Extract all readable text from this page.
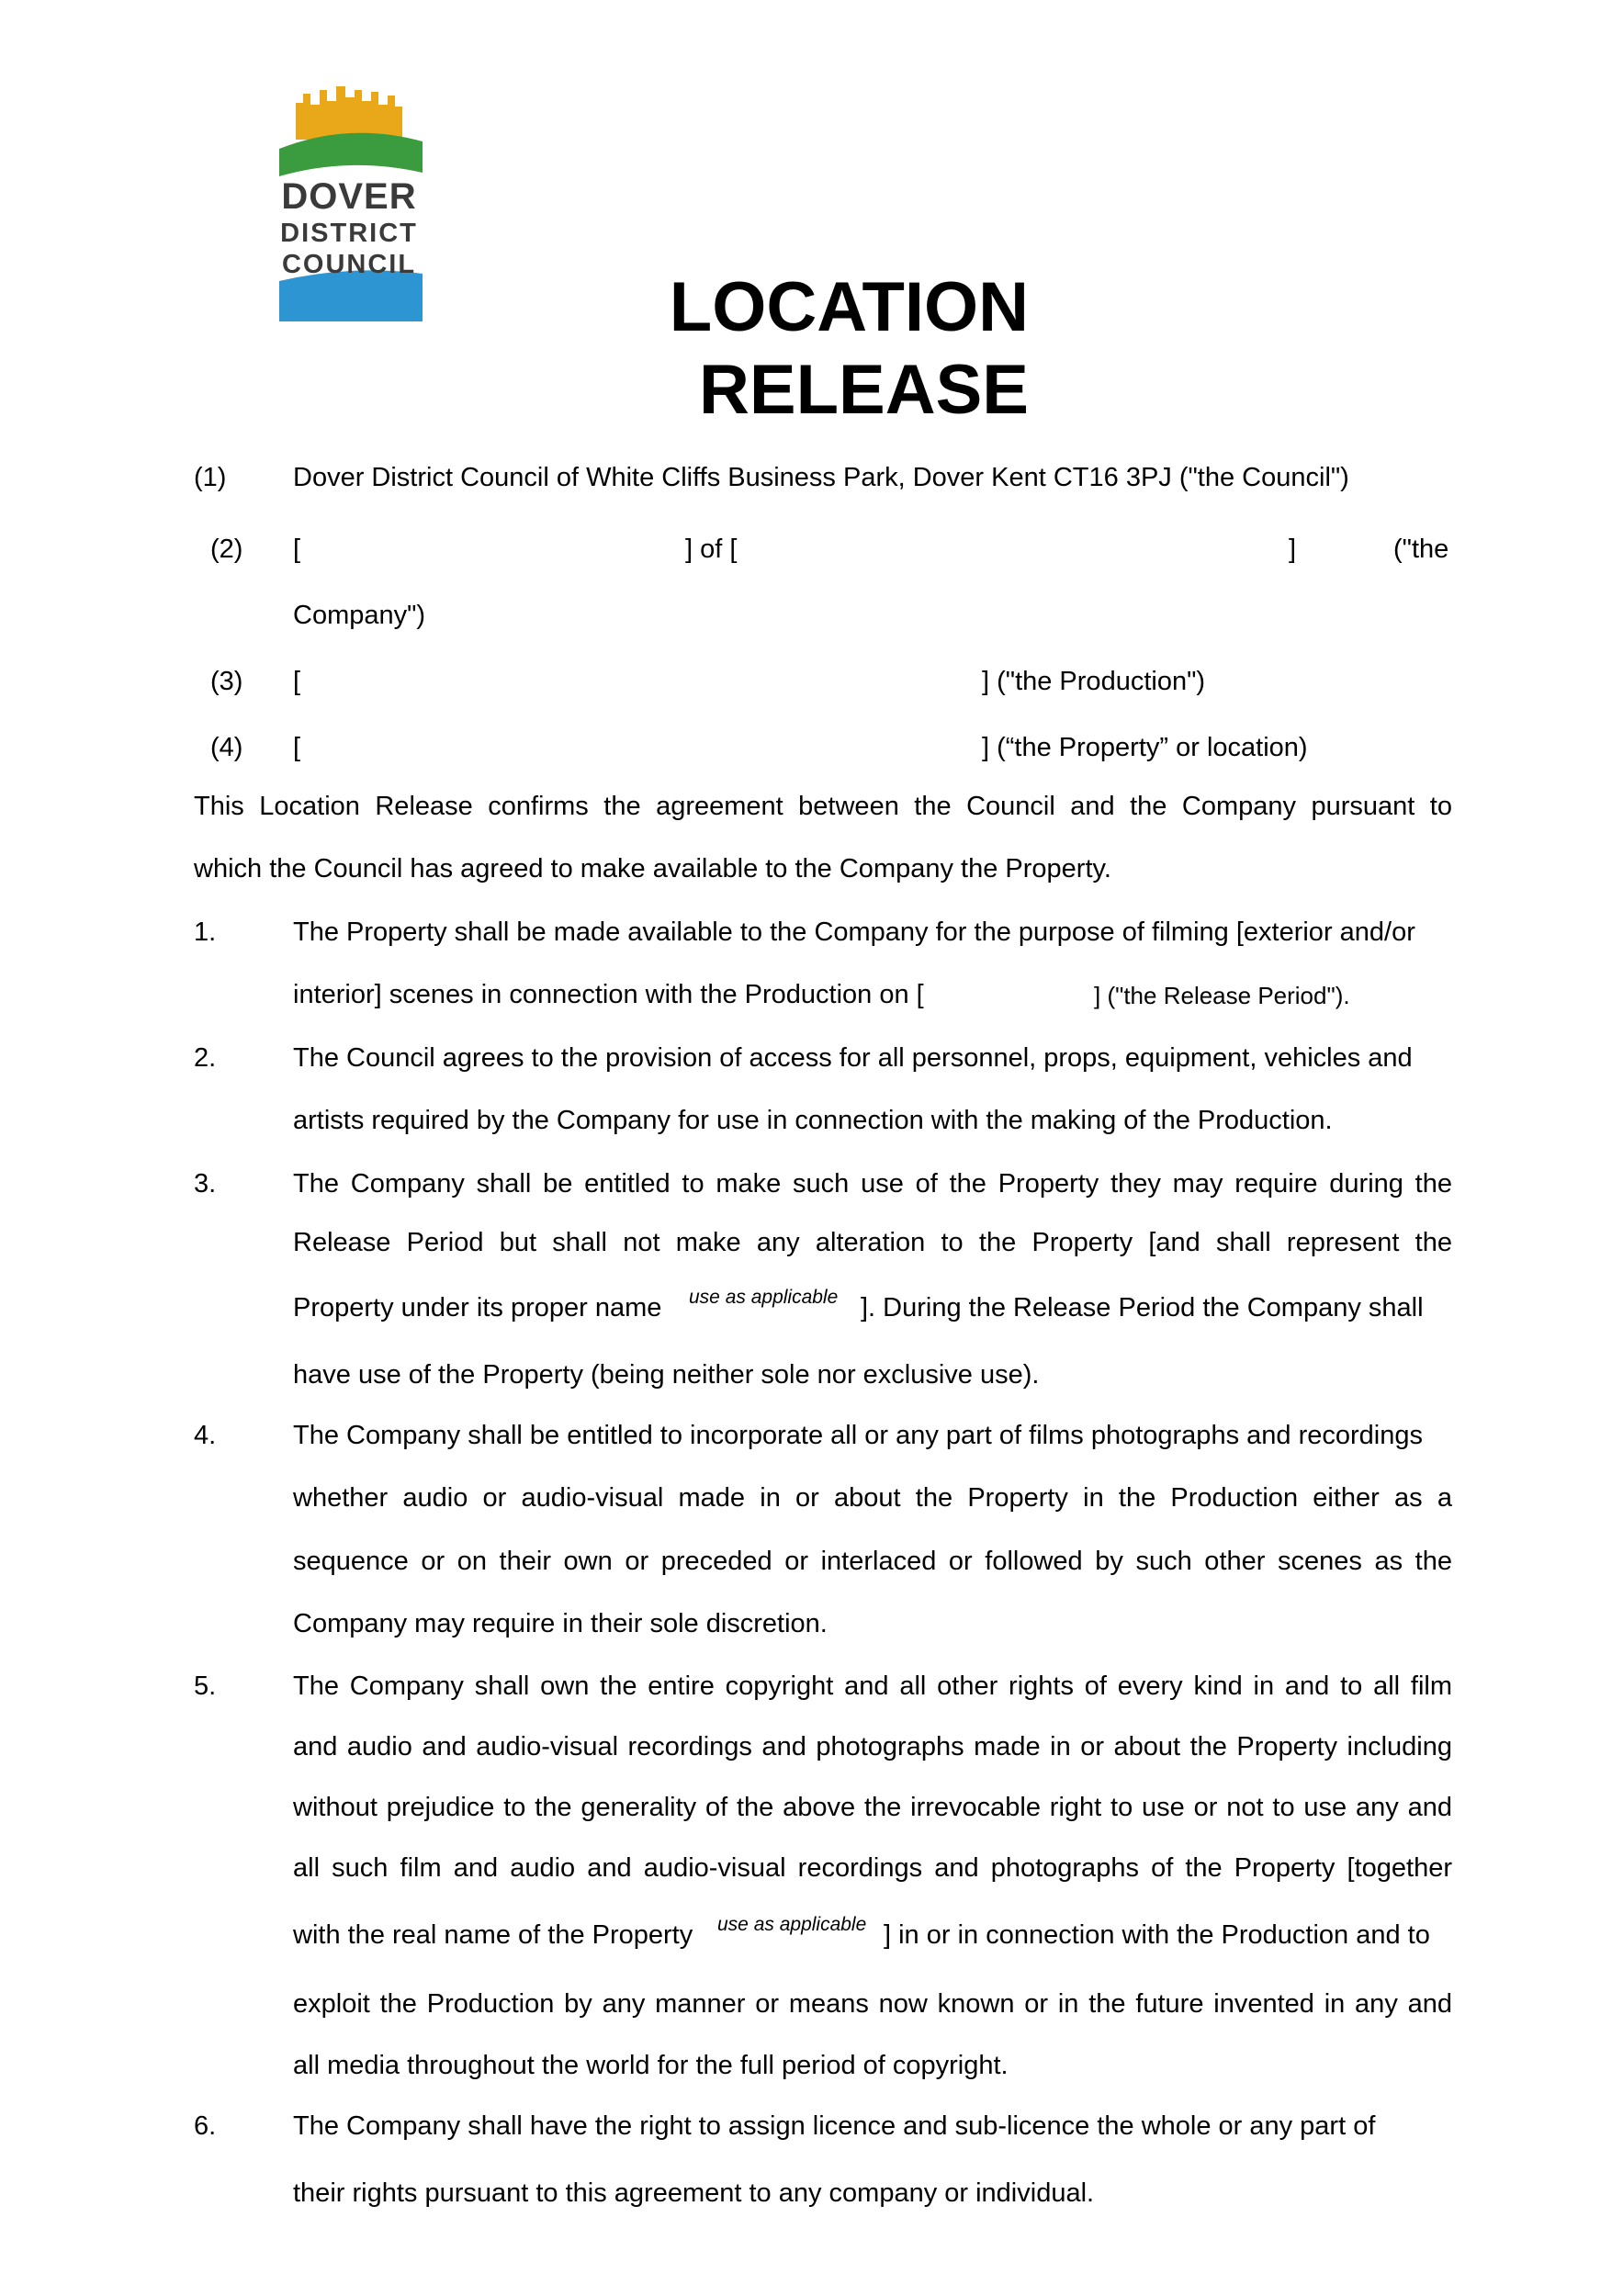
DOVER
DISTRICT
COUNCIL
LOCATION
RELEASE
(1)	Dover District Council of White Cliffs Business Park, Dover Kent CT16 3PJ ("the Council")
(2) [	] of [	]	("the
Company")
(3) [	] ("the Production")
(4) [	] (“the Property” or location)
This Location Release confirms the agreement between the Council and the Company pursuant to
which the Council has agreed to make available to the Company the Property.
1.	The Property shall be made available to the Company for the purpose of filming [exterior and/or
interior] scenes in connection with the Production on [	] ("the Release Period").
2.	The Council agrees to the provision of access for all personnel, props, equipment, vehicles and
artists required by the Company for use in connection with the making of the Production.
3.	The Company shall be entitled to make such use of the Property they may require during the
Release Period but shall not make any alteration to the Property [and shall represent the
Property under its proper name $^{use as applicable}$ ]. During the Release Period the Company shall
have use of the Property (being neither sole nor exclusive use).
4.	The Company shall be entitled to incorporate all or any part of films photographs and recordings
whether audio or audio-visual made in or about the Property in the Production either as a
sequence or on their own or preceded or interlaced or followed by such other scenes as the
Company may require in their sole discretion.
5.	The Company shall own the entire copyright and all other rights of every kind in and to all film
and audio and audio-visual recordings and photographs made in or about the Property including
without prejudice to the generality of the above the irrevocable right to use or not to use any and
all such film and audio and audio-visual recordings and photographs of the Property [together
with the real name of the Property $^{use as applicable}$ ] in or in connection with the Production and to
exploit the Production by any manner or means now known or in the future invented in any and
all media throughout the world for the full period of copyright.
6.	The Company shall have the right to assign licence and sub-licence the whole or any part of
their rights pursuant to this agreement to any company or individual.
